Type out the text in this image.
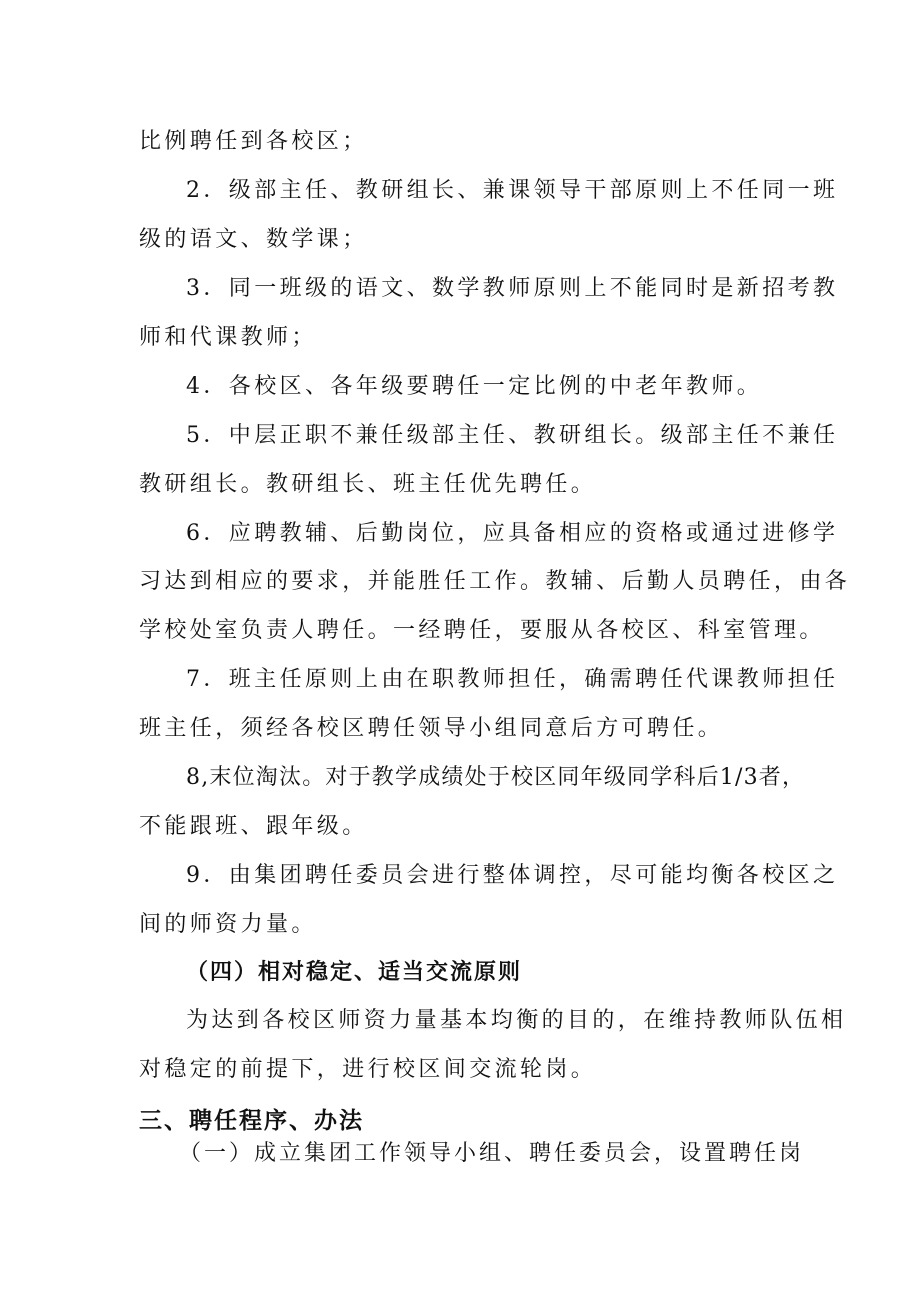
比例聘任到各校区；
2．级部主任、教研组长、兼课领导干部原则上不任同一班
级的语文、数学课；
3．同一班级的语文、数学教师原则上不能同时是新招考教
师和代课教师；
4．各校区、各年级要聘任一定比例的中老年教师。
5．中层正职不兼任级部主任、教研组长。级部主任不兼任
教研组长。教研组长、班主任优先聘任。
6．应聘教辅、后勤岗位，应具备相应的资格或通过进修学
习达到相应的要求，并能胜任工作。教辅、后勤人员聘任，由各
学校处室负责人聘任。一经聘任，要服从各校区、科室管理。
7．班主任原则上由在职教师担任，确需聘任代课教师担任
班主任，须经各校区聘任领导小组同意后方可聘任。
8,末位淘汰。对于教学成绩处于校区同年级同学科后1/3者，
不能跟班、跟年级。
9．由集团聘任委员会进行整体调控，尽可能均衡各校区之
间的师资力量。
（四）相对稳定、适当交流原则
为达到各校区师资力量基本均衡的目的，在维持教师队伍相
对稳定的前提下，进行校区间交流轮岗。
三、聘任程序、办法
（一）成立集团工作领导小组、聘任委员会，设置聘任岗
